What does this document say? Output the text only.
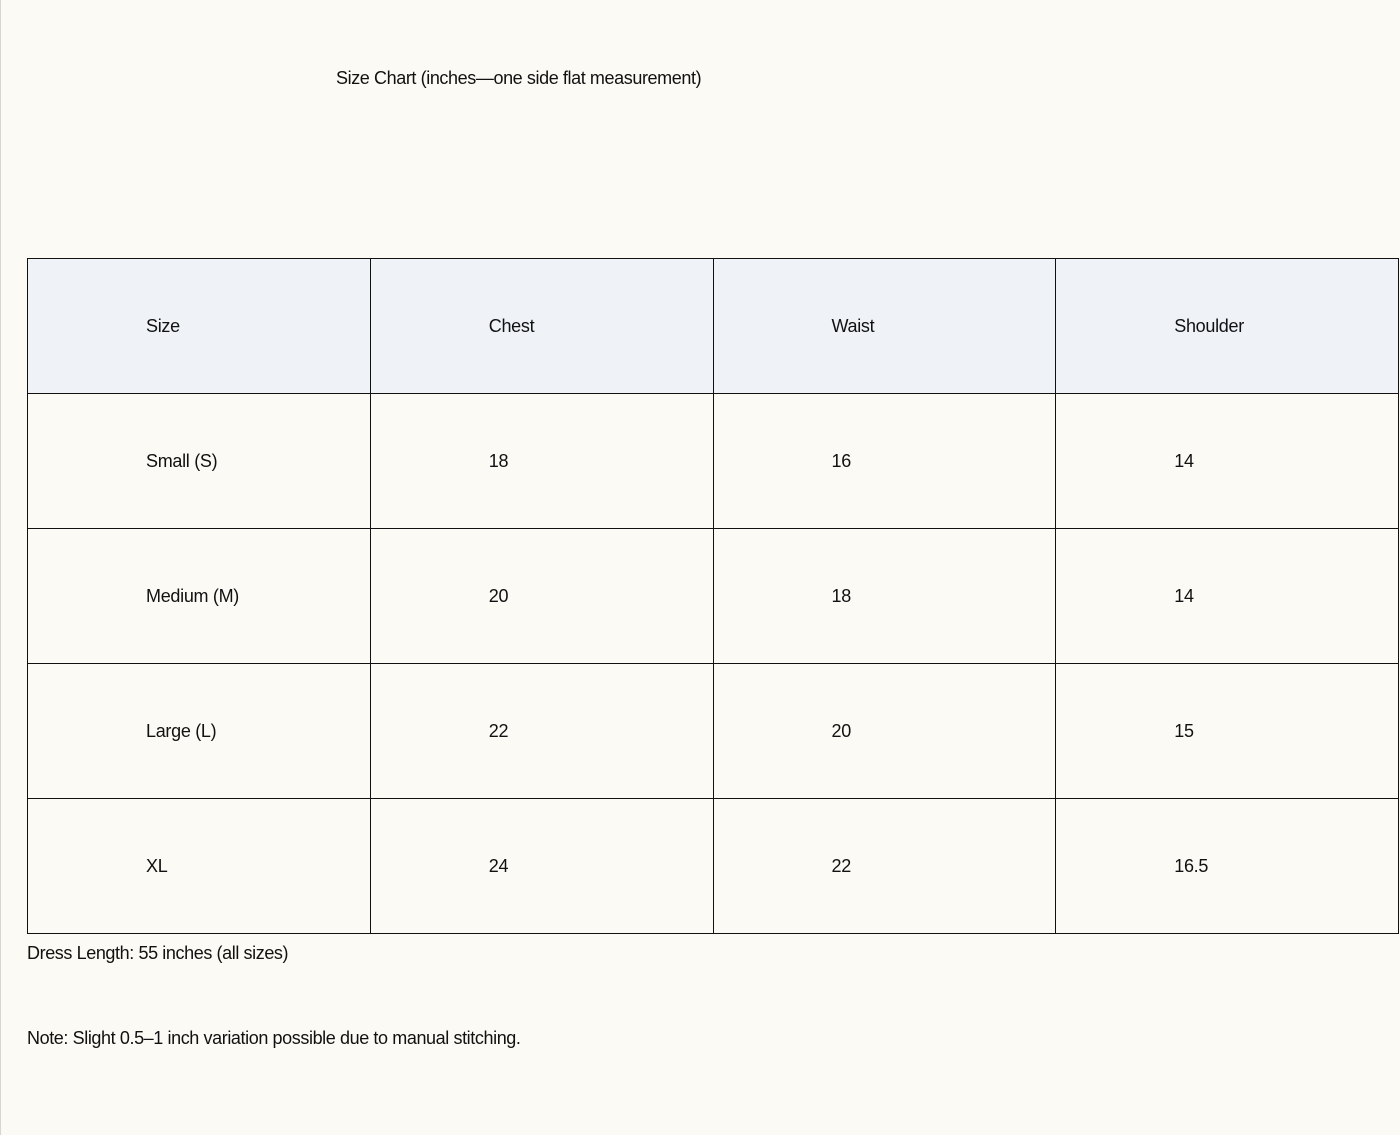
Size Chart (inches—one side flat measurement)
Size	Chest	Waist	Shoulder

Small (S)	18	16	14

Medium (M)	20	18	14

Large (L)	22	20	15

XL	24	22	16.5
Dress Length: 55 inches (all sizes)
Note: Slight 0.5–1 inch variation possible due to manual stitching.
